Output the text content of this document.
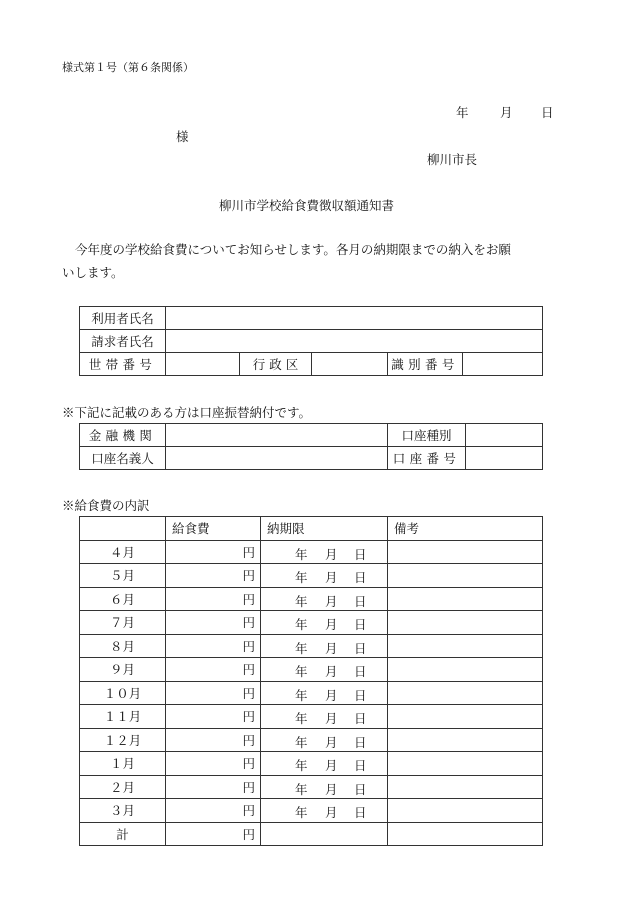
様式第１号（第６条関係）
年	月 日
様
柳川市長
柳川市学校給食費徴収額通知書
今年度の学校給食費についてお知らせします。各月の納期限までの納入をお願
いします。
利用者氏名					
請求者氏名					
世帯番号		行 政 区		識別番号	
※下記に記載のある方は口座振替納付です。
金融機関		口座種別	
口座名義人		口座番号	
※給食費の内訳
	給食費	納期限	備考
４月	円	年 月 日	

５月	円	年 月 日	

６月	円	年 月 日	

７月	円	年 月 日	

８月	円	年 月 日	

９月	円	年 月 日	

１０月	円	年 月 日	

１１月	円	年 月 日	

１２月	円	年 月 日	

１月	円	年 月 日	

２月	円	年 月 日	

３月	円	年 月 日	

計	円		
